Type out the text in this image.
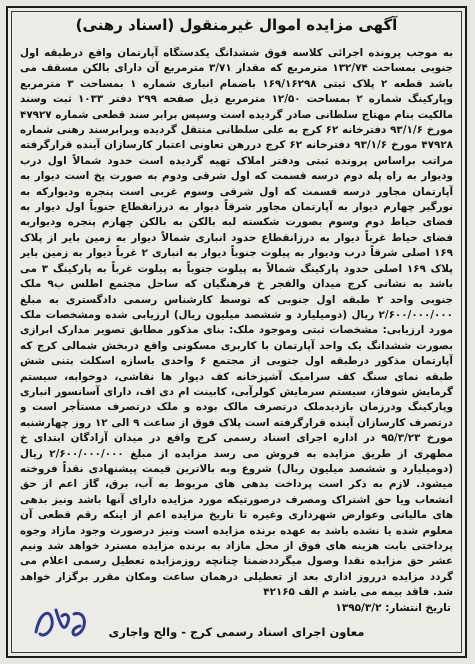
آگهی مزایده اموال غیرمنقول (اسناد رهنی)
به موجب پرونده اجرائی کلاسه فوق ششدانگ یکدستگاه آپارتمان واقع درطبقه اول جنوبی بمساحت ۱۳۲/۷۴ مترمربع که مقدار ۳/۷۱ مترمربع آن دارای بالکن مسقف می باشد قطعه ۲ پلاک ثبتی ۱۶۹/۱۶۲۹۸ باضمام انباری شماره ۱ بمساحت ۳ مترمربع وپارکینگ شماره ۲ بمساحت ۱۲/۵۰ مترمربع ذیل صفحه ۲۹۹ دفتر ۱۰۳۳ ثبت وسند مالکیت بنام مهتاج سلطانی صادر گردیده است وسپس برابر سند قطعی شماره ۴۷۹۲۷ مورخ ۹۳/۱/۶ دفترخانه ۶۲ کرج به علی سلطانی منتقل گردیده وبرابرسند رهنی شماره ۴۷۹۲۸ مورخ ۹۳/۱/۶ دفترخانه ۶۲ کرج دررهن تعاونی اعتبار کارسازان آینده قرارگرفته مراتب براساس پرونده ثبتی ودفتر املاک تهیه گردیده است حدود شمالاً اول درب ودیوار به راه پله دوم درسه قسمت که اول شرقی ودوم به صورت پخ است دیوار به آپارتمان مجاور درسه قسمت که اول شرقی وسوم غربی است پنجره ودیوارکه به نورگیر چهارم دیوار به آپارتمان مجاور شرقاً دیوار به درزانقطاع جنوباً اول دیوار به فضای حیاط دوم وسوم بصورت شکسته لبه بالکن به بالکن چهارم پنجره ودیواربه فضای حیاط غرباً دیوار به درزانقطاع حدود انباری شمالاً دیوار به زمین بایر از پلاک ۱۶۹ اصلی شرقاً درب ودیوار به پیلوت جنوباً دیوار به انباری ۲ غرباً دیوار به زمین بایر پلاک ۱۶۹ اصلی حدود پارکینگ شمالاً به پیلوت جنوباً به پیلوت غرباً به پارکینگ ۳ می باشد به نشانی کرج میدان والفجر خ فرهنگیان که ساحل مجتمع اطلس ب۹ ملک جنوبی واحد ۲ طبقه اول جنوبی که توسط کارشناس رسمی دادگستری به مبلغ ۲/۶۰۰/۰۰۰/۰۰۰ ریال (دومیلیارد و ششصد میلیون ریال) ارزیابی شده ومشخصات ملک مورد ارزیابی: مشخصات ثبتی وموجود ملک: بنای مذکور مطابق تصویر مدارک ابرازی بصورت ششدانگ یک واحد آپارتمان با کاربری مسکونی واقع دربخش شمالی کرج که آپارتمان مذکور درطبقه اول جنوبی از مجتمع ۶ واحدی باسازه اسکلت بتنی شش طبقه نمای سنگ کف سرامیک آشپزخانه کف دیوار ها نقاشی، دوخوابه، سیستم گرمایش شوفاژ، سیستم سرمایش کولرآبی، کابینت ام دی اف، دارای آسانسور انباری وپارکینگ ودرزمان بازدیدملک درتصرف مالک بوده و ملک درتصرف مستأجر است و درتصرف کارسازان آینده قرارگرفته است پلاک فوق از ساعت ۹ الی ۱۲ روز چهارشنبه مورخ ۹۵/۳/۲۳ در اداره اجرای اسناد رسمی کرج واقع در میدان آزادگان ابتدای خ مطهری از طریق مزایده به فروش می رسد مزایده از مبلغ ۲/۶۰۰/۰۰۰/۰۰۰ ریال (دومیلیارد و ششصد میلیون ریال) شروع وبه بالاترین قیمت پیشنهادی نقداً فروخته میشود. لازم به ذکر است پرداخت بدهی های مربوط به آب، برق، گاز اعم از حق انشعاب ویا حق اشتراک ومصرف درصورتیکه مورد مزایده دارای آنها باشد ونیز بدهی های مالیاتی وعوارض شهرداری وغیره تا تاریخ مزایده اعم از اینکه رقم قطعی آن معلوم شده یا نشده باشد به عهده برنده مزایده است ونیز درصورت وجود مازاد وجوه پرداختی بابت هزینه های فوق از محل مازاد به برنده مزایده مسترد خواهد شد ونیم عشر حق مزایده نقدا وصول میگرددضمنا چنانچه روزمزایده تعطیل رسمی اعلام می گردد مزایده درروز اداری بعد از تعطیلی درهمان ساعت ومکان مقرر برگزار خواهد شد. فاقد بیمه می باشد م الف ۴۲۱۶۵
تاریخ انتشار: ۱۳۹۵/۳/۲
معاون اجرای اسناد رسمی کرج - والح واجاری
